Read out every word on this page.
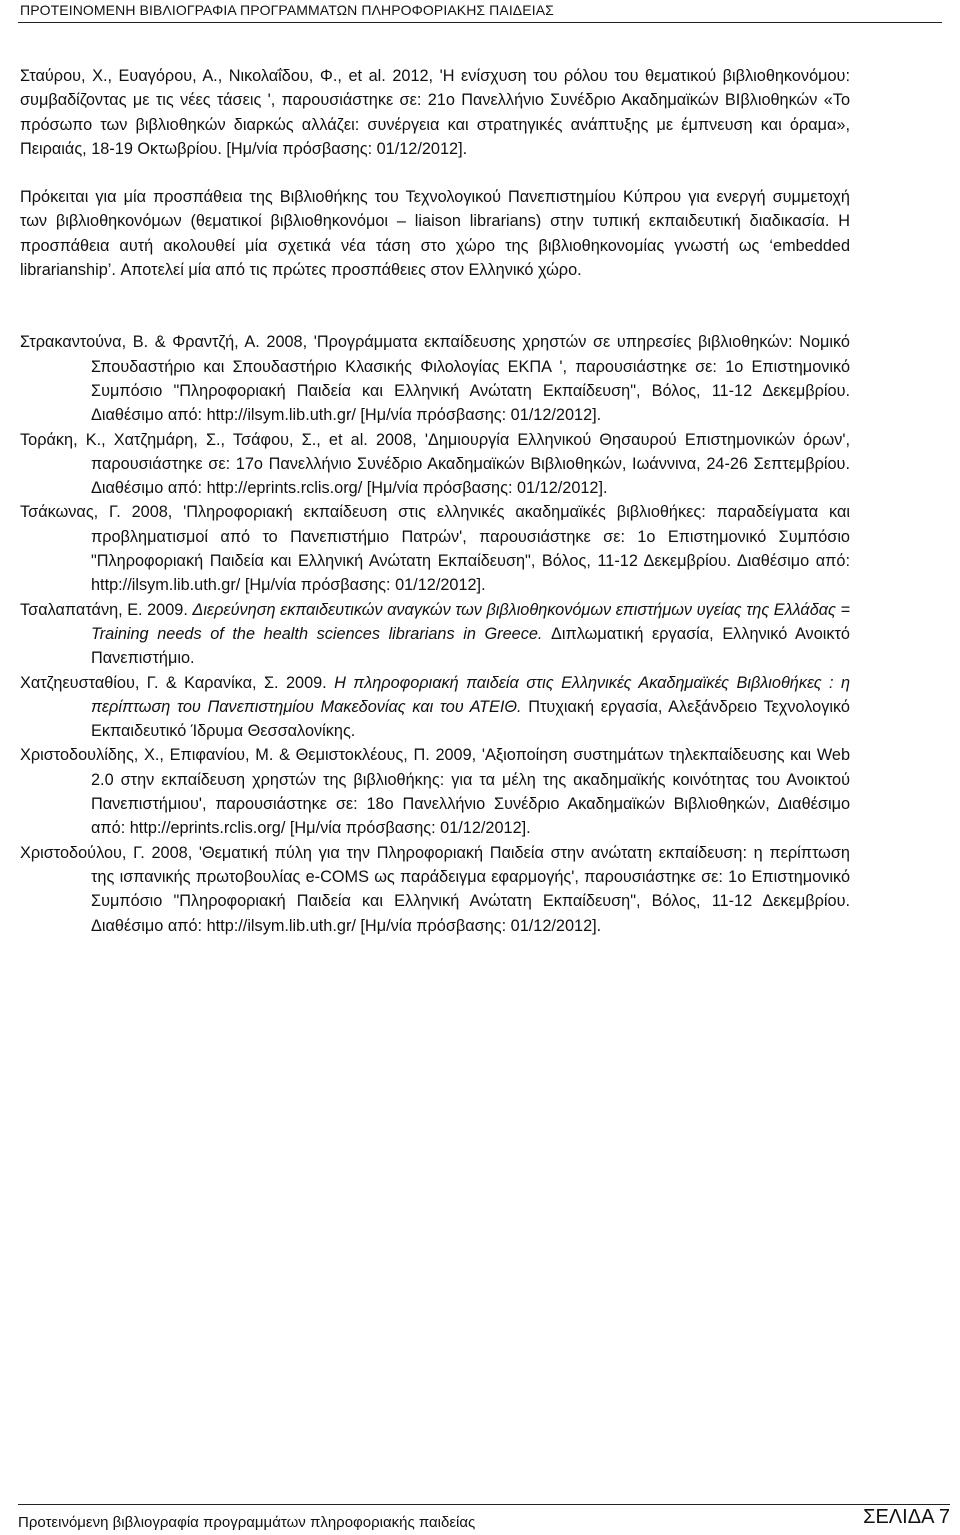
ΠΡΟΤΕΙΝΟΜΕΝΗ ΒΙΒΛΙΟΓΡΑΦΙΑ ΠΡΟΓΡΑΜΜΑΤΩΝ ΠΛΗΡΟΦΟΡΙΑΚΗΣ ΠΑΙΔΕΙΑΣ

Σταύρου, Χ., Ευαγόρου, Α., Νικολαΐδου, Φ., et al. 2012, 'Η ενίσχυση του ρόλου του θεματικού βιβλιοθηκονόμου: συμβαδίζοντας με τις νέες τάσεις ', παρουσιάστηκε σε: 21ο Πανελλήνιο Συνέδριο Ακαδημαϊκών ΒΙβλιοθηκών «Το πρόσωπο των βιβλιοθηκών διαρκώς αλλάζει: συνέργεια και στρατηγικές ανάπτυξης με έμπνευση και όραμα», Πειραιάς, 18-19 Οκτωβρίου. [Ημ/νία πρόσβασης: 01/12/2012].

Πρόκειται για μία προσπάθεια της Βιβλιοθήκης του Τεχνολογικού Πανεπιστημίου Κύπρου για ενεργή συμμετοχή των βιβλιοθηκονόμων (θεματικοί βιβλιοθηκονόμοι – liaison librarians) στην τυπική εκπαιδευτική διαδικασία. Η προσπάθεια αυτή ακολουθεί μία σχετικά νέα τάση στο χώρο της βιβλιοθηκονομίας γνωστή ως ‘embedded librarianship’. Αποτελεί μία από τις πρώτες προσπάθειες στον Ελληνικό χώρο.

Στρακαντούνα, Β. & Φραντζή, Α. 2008, 'Προγράμματα εκπαίδευσης χρηστών σε υπηρεσίες βιβλιοθηκών: Νομικό Σπουδαστήριο και Σπουδαστήριο Κλασικής Φιλολογίας ΕΚΠΑ ', παρουσιάστηκε σε: 1ο Επιστημονικό Συμπόσιο "Πληροφοριακή Παιδεία και Ελληνική Ανώτατη Εκπαίδευση", Βόλος, 11-12 Δεκεμβρίου. Διαθέσιμο από: http://ilsym.lib.uth.gr/ [Ημ/νία πρόσβασης: 01/12/2012].

Τοράκη, Κ., Χατζημάρη, Σ., Τσάφου, Σ., et al. 2008, 'Δημιουργία Ελληνικού Θησαυρού Επιστημονικών όρων', παρουσιάστηκε σε: 17ο Πανελλήνιο Συνέδριο Ακαδημαϊκών Βιβλιοθηκών, Ιωάννινα, 24-26 Σεπτεμβρίου. Διαθέσιμο από: http://eprints.rclis.org/ [Ημ/νία πρόσβασης: 01/12/2012].

Τσάκωνας, Γ. 2008, 'Πληροφοριακή εκπαίδευση στις ελληνικές ακαδημαϊκές βιβλιοθήκες: παραδείγματα και προβληματισμοί από το Πανεπιστήμιο Πατρών', παρουσιάστηκε σε: 1ο Επιστημονικό Συμπόσιο "Πληροφοριακή Παιδεία και Ελληνική Ανώτατη Εκπαίδευση", Βόλος, 11-12 Δεκεμβρίου. Διαθέσιμο από: http://ilsym.lib.uth.gr/ [Ημ/νία πρόσβασης: 01/12/2012].

Τσαλαπατάνη, Ε. 2009. Διερεύνηση εκπαιδευτικών αναγκών των βιβλιοθηκονόμων επιστήμων υγείας της Ελλάδας = Training needs of the health sciences librarians in Greece. Διπλωματική εργασία, Ελληνικό Ανοικτό Πανεπιστήμιο.

Χατζηευσταθίου, Γ. & Καρανίκα, Σ. 2009. Η πληροφοριακή παιδεία στις Ελληνικές Ακαδημαϊκές Βιβλιοθήκες : η περίπτωση του Πανεπιστημίου Μακεδονίας και του ΑΤΕΙΘ. Πτυχιακή εργασία, Αλεξάνδρειο Τεχνολογικό Εκπαιδευτικό Ίδρυμα Θεσσαλονίκης.

Χριστοδουλίδης, Χ., Επιφανίου, Μ. & Θεμιστοκλέους, Π. 2009, 'Αξιοποίηση συστημάτων τηλεκπαίδευσης και Web 2.0 στην εκπαίδευση χρηστών της βιβλιοθήκης: για τα μέλη της ακαδημαϊκής κοινότητας του Ανοικτού Πανεπιστήμιου', παρουσιάστηκε σε: 18ο Πανελλήνιο Συνέδριο Ακαδημαϊκών Βιβλιοθηκών, Διαθέσιμο από: http://eprints.rclis.org/ [Ημ/νία πρόσβασης: 01/12/2012].

Χριστοδούλου, Γ. 2008, 'Θεματική πύλη για την Πληροφοριακή Παιδεία στην ανώτατη εκπαίδευση: η περίπτωση της ισπανικής πρωτοβουλίας e-COMS ως παράδειγμα εφαρμογής', παρουσιάστηκε σε: 1ο Επιστημονικό Συμπόσιο "Πληροφοριακή Παιδεία και Ελληνική Ανώτατη Εκπαίδευση", Βόλος, 11-12 Δεκεμβρίου. Διαθέσιμο από: http://ilsym.lib.uth.gr/ [Ημ/νία πρόσβασης: 01/12/2012].

Προτεινόμενη βιβλιογραφία προγραμμάτων πληροφοριακής παιδείας	ΣΕΛΙΔΑ 7
